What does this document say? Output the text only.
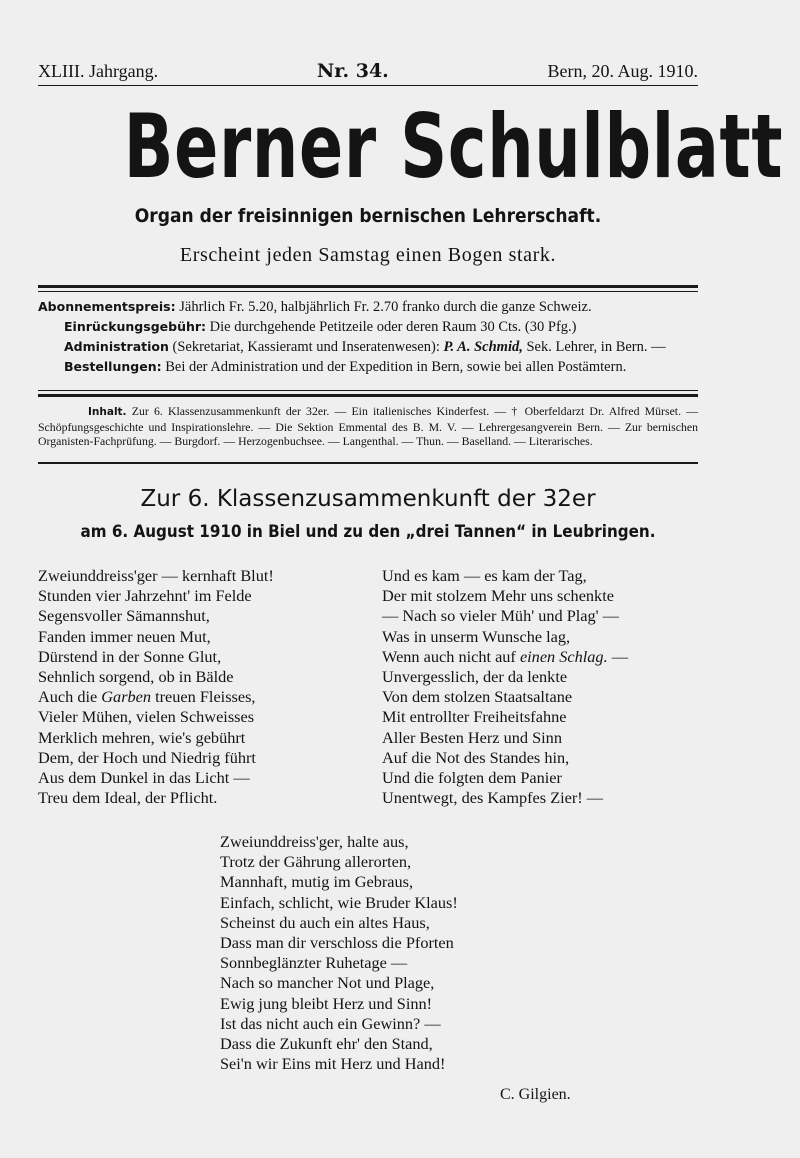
XLIII. Jahrgang.	Nr. 34.	Bern, 20. Aug. 1910.
Berner Schulblatt
Organ der freisinnigen bernischen Lehrerschaft.
Erscheint jeden Samstag einen Bogen stark.

Abonnementspreis: Jährlich Fr. 5.20, halbjährlich Fr. 2.70 franko durch die ganze Schweiz.

Einrückungsgebühr: Die durchgehende Petitzeile oder deren Raum 30 Cts. (30 Pfg.)

Administration (Sekretariat, Kassieramt und Inseratenwesen): P. A. Schmid, Sek. Lehrer, in Bern. — Bestellungen: Bei der Administration und der Expedition in Bern, sowie bei allen Postämtern.

Inhalt. Zur 6. Klassenzusammenkunft der 32er. — Ein italienisches Kinderfest. — † Oberfeldarzt Dr. Alfred Mürset. — Schöpfungsgeschichte und Inspirationslehre. — Die Sektion Emmental des B. M. V. — Lehrergesangverein Bern. — Zur bernischen Organisten-Fachprüfung. — Burgdorf. — Herzogenbuchsee. — Langenthal. — Thun. — Baselland. — Literarisches.
Zur 6. Klassenzusammenkunft der 32er
am 6. August 1910 in Biel und zu den „drei Tannen“ in Leubringen.
Zweiunddreiss'ger — kernhaft Blut!
Stunden vier Jahrzehnt' im Felde
Segensvoller Sämannshut,
Fanden immer neuen Mut,
Dürstend in der Sonne Glut,
Sehnlich sorgend, ob in Bälde
Auch die Garben treuen Fleisses,
Vieler Mühen, vielen Schweisses
Merklich mehren, wie's gebührt
Dem, der Hoch und Niedrig führt
Aus dem Dunkel in das Licht —
Treu dem Ideal, der Pflicht.
Und es kam — es kam der Tag,
Der mit stolzem Mehr uns schenkte
— Nach so vieler Müh' und Plag' —
Was in unserm Wunsche lag,
Wenn auch nicht auf einen Schlag. —
Unvergesslich, der da lenkte
Von dem stolzen Staatsaltane
Mit entrollter Freiheitsfahne
Aller Besten Herz und Sinn
Auf die Not des Standes hin,
Und die folgten dem Panier
Unentwegt, des Kampfes Zier! —
Zweiunddreiss'ger, halte aus,
Trotz der Gährung allerorten,
Mannhaft, mutig im Gebraus,
Einfach, schlicht, wie Bruder Klaus!
Scheinst du auch ein altes Haus,
Dass man dir verschloss die Pforten
Sonnbeglänzter Ruhetage —
Nach so mancher Not und Plage,
Ewig jung bleibt Herz und Sinn!
Ist das nicht auch ein Gewinn? —
Dass die Zukunft ehr' den Stand,
Sei'n wir Eins mit Herz und Hand!
C. Gilgien.
